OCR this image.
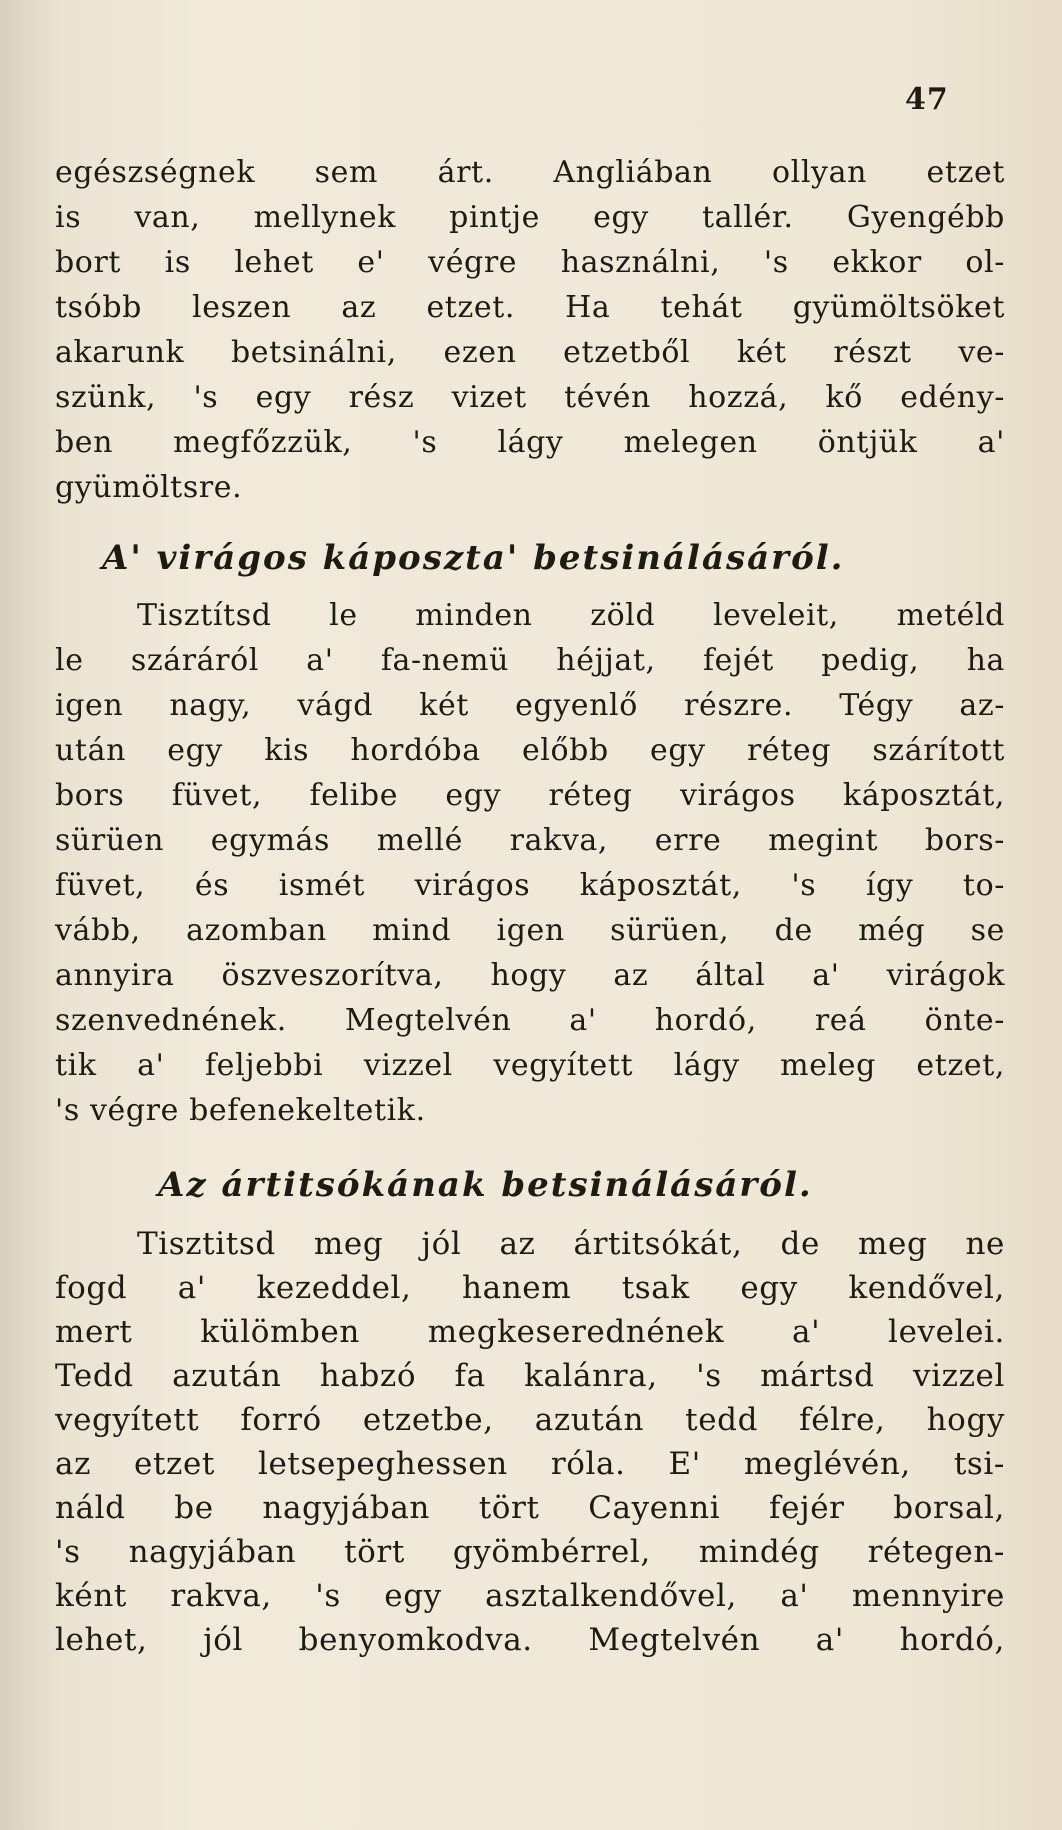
47
egészségnek sem árt. Angliában ollyan etzet
is van, mellynek pintje egy tallér. Gyengébb
bort is lehet e' végre használni, 's ekkor ol-
tsóbb leszen az etzet. Ha tehát gyümöltsöket
akarunk betsinálni, ezen etzetből két részt ve-
szünk, 's egy rész vizet tévén hozzá, kő edény-
ben megfőzzük, 's lágy melegen öntjük a'
gyümöltsre.
A' virágos káposzta' betsinálásáról.
Tisztítsd le minden zöld leveleit, metéld
le száráról a' fa-nemü héjjat, fejét pedig, ha
igen nagy, vágd két egyenlő részre. Tégy az-
után egy kis hordóba előbb egy réteg szárított
bors füvet, felibe egy réteg virágos káposztát,
sürüen egymás mellé rakva, erre megint bors-
füvet, és ismét virágos káposztát, 's így to-
vább, azomban mind igen sürüen, de még se
annyira öszveszorítva, hogy az által a' virágok
szenvednének. Megtelvén a' hordó, reá önte-
tik a' feljebbi vizzel vegyített lágy meleg etzet,
's végre befenekeltetik.
Az ártitsókának betsinálásáról.
Tisztitsd meg jól az ártitsókát, de meg ne
fogd a' kezeddel, hanem tsak egy kendővel,
mert külömben megkeserednének a' levelei.
Tedd azután habzó fa kalánra, 's mártsd vizzel
vegyített forró etzetbe, azután tedd félre, hogy
az etzet letsepeghessen róla. E' meglévén, tsi-
náld be nagyjában tört Cayenni fejér borsal,
's nagyjában tört gyömbérrel, mindég rétegen-
ként rakva, 's egy asztalkendővel, a' mennyire
lehet, jól benyomkodva. Megtelvén a' hordó,
